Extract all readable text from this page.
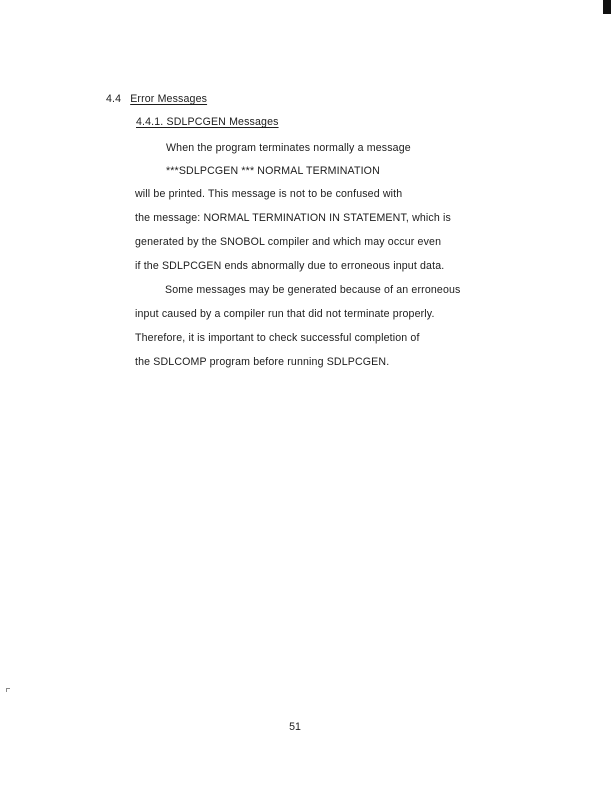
4.4 Error Messages
4.4.1. SDLPCGEN Messages
When the program terminates normally a message
***SDLPCGEN *** NORMAL TERMINATION
will be printed. This message is not to be confused with
the message: NORMAL TERMINATION IN STATEMENT, which is
generated by the SNOBOL compiler and which may occur even
if the SDLPCGEN ends abnormally due to erroneous input data.
Some messages may be generated because of an erroneous
input caused by a compiler run that did not terminate properly.
Therefore, it is important to check successful completion of
the SDLCOMP program before running SDLPCGEN.
51
